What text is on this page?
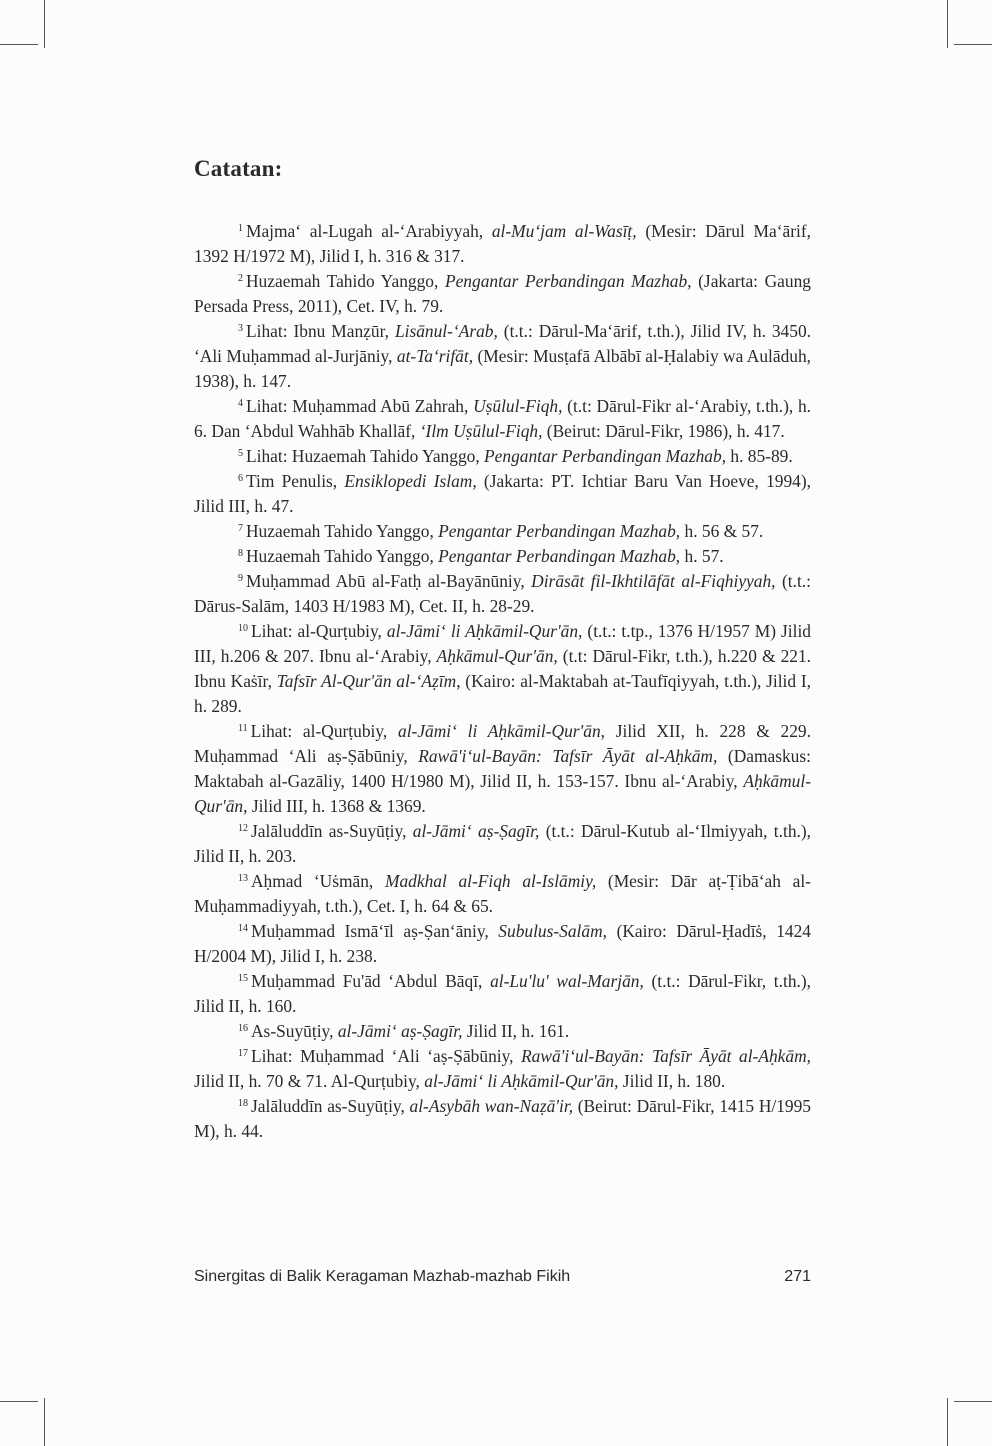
Catatan:

$^1$ Majma‘ al-Lugah al-‘Arabiyyah, al-Mu‘jam al-Wasīṭ, (Mesir: Dārul Ma‘ārif, 1392 H/1972 M), Jilid I, h. 316 & 317.

$^2$ Huzaemah Tahido Yanggo, Pengantar Perbandingan Mazhab, (Jakarta: Gaung Persada Press, 2011), Cet. IV, h. 79.

$^3$ Lihat: Ibnu Manẓūr, Lisānul-‘Arab, (t.t.: Dārul-Ma‘ārif, t.th.), Jilid IV, h. 3450. ‘Ali Muḥammad al-Jurjāniy, at-Ta‘rifāt, (Mesir: Musṭafā Albābī al-Ḥalabiy wa Aulāduh, 1938), h. 147.

$^4$ Lihat: Muḥammad Abū Zahrah, Uṣūlul-Fiqh, (t.t: Dārul-Fikr al-‘Arabiy, t.th.), h. 6. Dan ‘Abdul Wahhāb Khallāf, ‘Ilm Uṣūlul-Fiqh, (Beirut: Dārul-Fikr, 1986), h. 417.

$^5$ Lihat: Huzaemah Tahido Yanggo, Pengantar Perbandingan Mazhab, h. 85-89.

$^6$ Tim Penulis, Ensiklopedi Islam, (Jakarta: PT. Ichtiar Baru Van Hoeve, 1994), Jilid III, h. 47.

$^7$ Huzaemah Tahido Yanggo, Pengantar Perbandingan Mazhab, h. 56 & 57.

$^8$ Huzaemah Tahido Yanggo, Pengantar Perbandingan Mazhab, h. 57.

$^9$ Muḥammad Abū al-Fatḥ al-Bayānūniy, Dirāsāt fil-Ikhtilāfāt al-Fiqhiyyah, (t.t.: Dārus-Salām, 1403 H/1983 M), Cet. II, h. 28-29.

$^{10}$ Lihat: al-Qurṭubiy, al-Jāmi‘ li Aḥkāmil-Qur'ān, (t.t.: t.tp., 1376 H/1957 M) Jilid III, h.206 & 207. Ibnu al-‘Arabiy, Aḥkāmul-Qur'ān, (t.t: Dārul-Fikr, t.th.), h.220 & 221. Ibnu Kaṡīr, Tafsīr Al-Qur'ān al-‘Aẓīm, (Kairo: al-Maktabah at-Taufīqiyyah, t.th.), Jilid I, h. 289.

$^{11}$ Lihat: al-Qurṭubiy, al-Jāmi‘ li Aḥkāmil-Qur'ān, Jilid XII, h. 228 & 229. Muḥammad ‘Ali aṣ-Ṣābūniy, Rawā'i‘ul-Bayān: Tafsīr Āyāt al-Aḥkām, (Damaskus: Maktabah al-Gazāliy, 1400 H/1980 M), Jilid II, h. 153-157. Ibnu al-‘Arabiy, Aḥkāmul-Qur'ān, Jilid III, h. 1368 & 1369.

$^{12}$ Jalāluddīn as-Suyūṭiy, al-Jāmi‘ aṣ-Ṣagīr, (t.t.: Dārul-Kutub al-‘Ilmiyyah, t.th.), Jilid II, h. 203.

$^{13}$ Aḥmad ‘Uṡmān, Madkhal al-Fiqh al-Islāmiy, (Mesir: Dār aṭ-Ṭibā‘ah al-Muḥammadiyyah, t.th.), Cet. I, h. 64 & 65.

$^{14}$ Muḥammad Ismā‘īl aṣ-Ṣan‘āniy, Subulus-Salām, (Kairo: Dārul-Ḥadīṡ, 1424 H/2004 M), Jilid I, h. 238.

$^{15}$ Muḥammad Fu'ād ‘Abdul Bāqī, al-Lu'lu' wal-Marjān, (t.t.: Dārul-Fikr, t.th.), Jilid II, h. 160.

$^{16}$ As-Suyūṭiy, al-Jāmi‘ aṣ-Ṣagīr, Jilid II, h. 161.

$^{17}$ Lihat: Muḥammad ‘Ali ‘aṣ-Ṣābūniy, Rawā'i‘ul-Bayān: Tafsīr Āyāt al-Aḥkām, Jilid II, h. 70 & 71. Al-Qurṭubiy, al-Jāmi‘ li Aḥkāmil-Qur'ān, Jilid II, h. 180.

$^{18}$ Jalāluddīn as-Suyūṭiy, al-Asybāh wan-Naẓā'ir, (Beirut: Dārul-Fikr, 1415 H/1995 M), h. 44.

Sinergitas di Balik Keragaman Mazhab-mazhab Fikih	271
